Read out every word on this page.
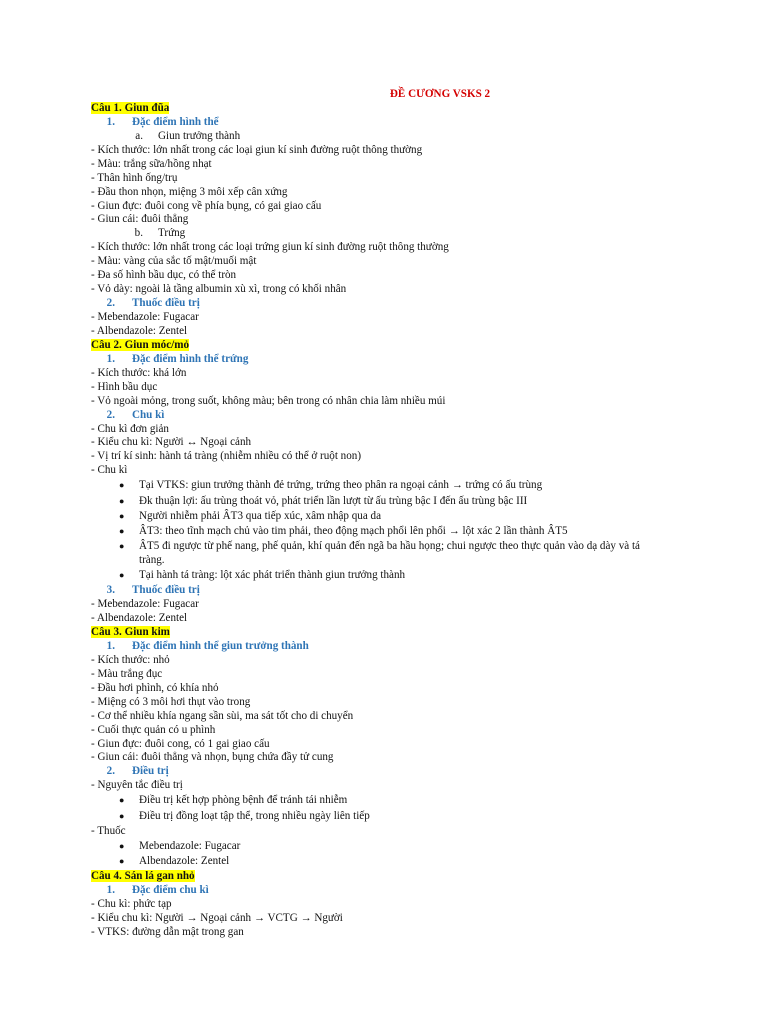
ĐỀ CƯƠNG VSKS 2
Câu 1. Giun đũa
1. Đặc điểm hình thể
a. Giun trưởng thành
- Kích thước: lớn nhất trong các loại giun kí sinh đường ruột thông thường
- Màu: trắng sữa/hồng nhạt
- Thân hình ống/trụ
- Đầu thon nhọn, miệng 3 môi xếp cân xứng
- Giun đực: đuôi cong về phía bụng, có gai giao cấu
- Giun cái: đuôi thẳng
b. Trứng
- Kích thước: lớn nhất trong các loại trứng giun kí sinh đường ruột thông thường
- Màu: vàng của sắc tố mật/muối mật
- Đa số hình bầu dục, có thể tròn
- Vỏ dày: ngoài là tầng albumin xù xì, trong có khối nhân
2. Thuốc điều trị
- Mebendazole: Fugacar
- Albendazole: Zentel
Câu 2. Giun móc/mỏ
1. Đặc điểm hình thể trứng
- Kích thước: khá lớn
- Hình bầu dục
- Vỏ ngoài mỏng, trong suốt, không màu; bên trong có nhân chia làm nhiều múi
2. Chu kì
- Chu kì đơn giản
- Kiểu chu kì: Người ↔ Ngoại cảnh
- Vị trí kí sinh: hành tá tràng (nhiễm nhiều có thể ở ruột non)
- Chu kì
● Tại VTKS: giun trưởng thành đẻ trứng, trứng theo phân ra ngoại cảnh → trứng có ấu trùng
● Đk thuận lợi: ấu trùng thoát vỏ, phát triển lần lượt từ ấu trùng bậc I đến ấu trùng bậc III
● Người nhiễm phải ÂT3 qua tiếp xúc, xâm nhập qua da
● ÂT3: theo tĩnh mạch chủ vào tim phải, theo động mạch phổi lên phổi → lột xác 2 lần thành ÂT5
● ÂT5 đi ngược từ phế nang, phế quản, khí quản đến ngã ba hầu họng; chui ngược theo thực quản vào dạ dày và tá tràng.
● Tại hành tá tràng: lột xác phát triển thành giun trưởng thành
3. Thuốc điều trị
- Mebendazole: Fugacar
- Albendazole: Zentel
Câu 3. Giun kim
1. Đặc điểm hình thể giun trưởng thành
- Kích thước: nhỏ
- Màu trắng đục
- Đầu hơi phình, có khía nhỏ
- Miệng có 3 môi hơi thụt vào trong
- Cơ thể nhiều khía ngang sần sùi, ma sát tốt cho di chuyển
- Cuối thực quản có u phình
- Giun đực: đuôi cong, có 1 gai giao cấu
- Giun cái: đuôi thẳng và nhọn, bụng chứa đầy tử cung
2. Điều trị
- Nguyên tắc điều trị
● Điều trị kết hợp phòng bệnh để tránh tái nhiễm
● Điều trị đồng loạt tập thể, trong nhiều ngày liên tiếp
- Thuốc
● Mebendazole: Fugacar
● Albendazole: Zentel
Câu 4. Sán lá gan nhỏ
1. Đặc điểm chu kì
- Chu kì: phức tạp
- Kiểu chu kì: Người → Ngoại cảnh → VCTG → Người
- VTKS: đường dẫn mật trong gan
